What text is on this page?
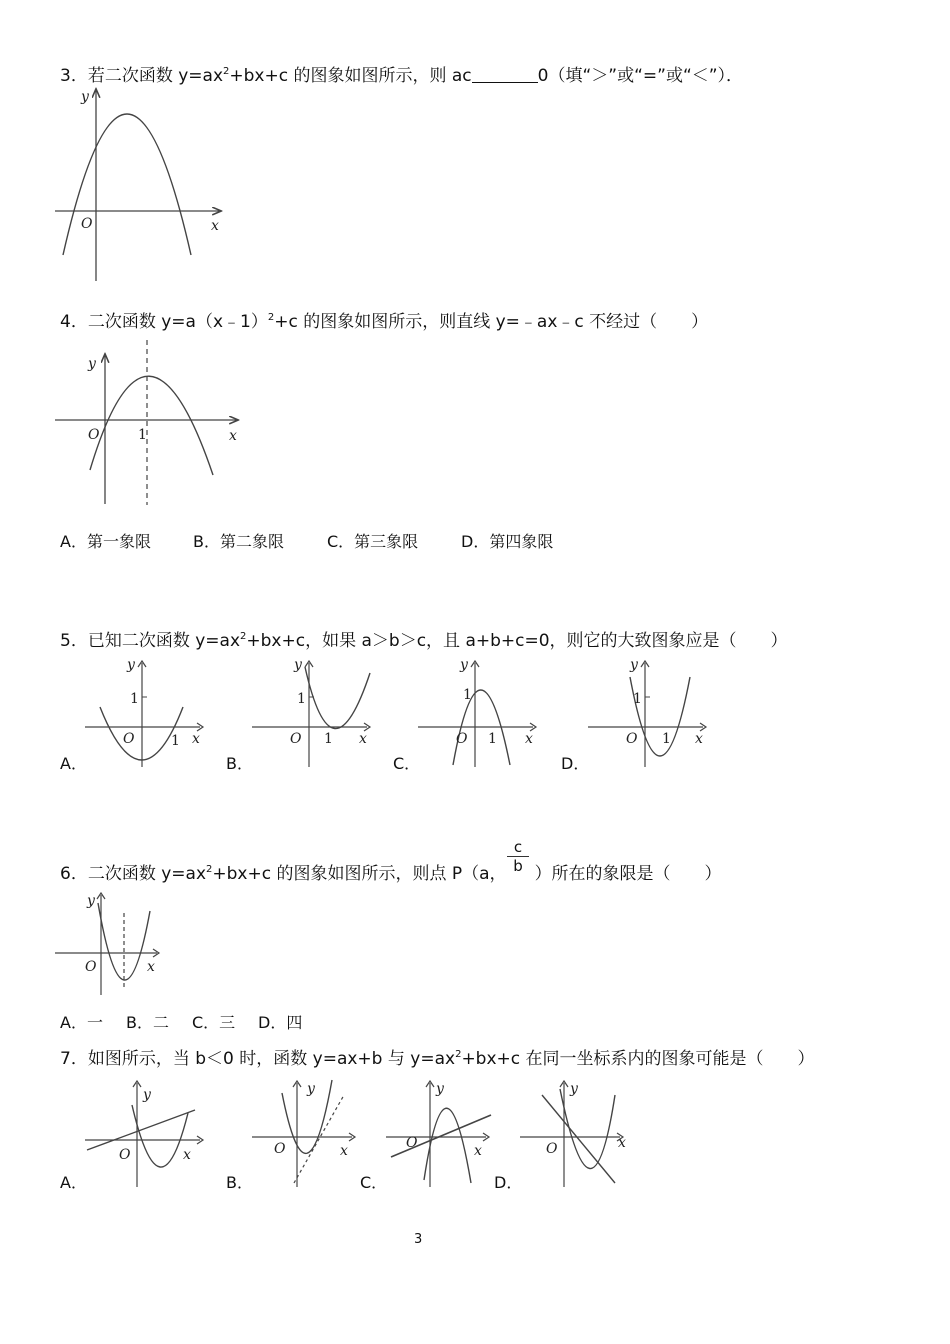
3．若二次函数 $y=ax^2+bx+c$ 的图象如图所示，则 ac	0（填“＞”或“=”或“＜”）．
y
x
O
4．二次函数 y=a（x﹣1）$^2$+c 的图象如图所示，则直线 y=﹣ax﹣c 不经过（　　）
y
x
O	1
A．第一象限	B．第二象限	C．第三象限	D．第四象限
5．已知二次函数 $y=ax^2+bx+c$，如果 a＞b＞c，且 a+b+c=0，则它的大致图象应是（　　）
y
x
O
1
1
y
x
O
1
1
y
x
O
1
1
y
x
O
1
1
A．	B．	C．	D．
6．二次函数 $y=ax^2+bx+c$ 的图象如图所示，则点 P（a， ）所在的象限是（　　）
$\frac{c}{b}$
y
x
O
A．一 B．二 C．三 D．四
7．如图所示，当 b＜0 时，函数 y=ax+b 与 $y=ax^2+bx+c$ 在同一坐标系内的图象可能是（　　）
y
x
O
y
x
O
y
x
O
y
x
O
A．	B．	C．	D．
3
